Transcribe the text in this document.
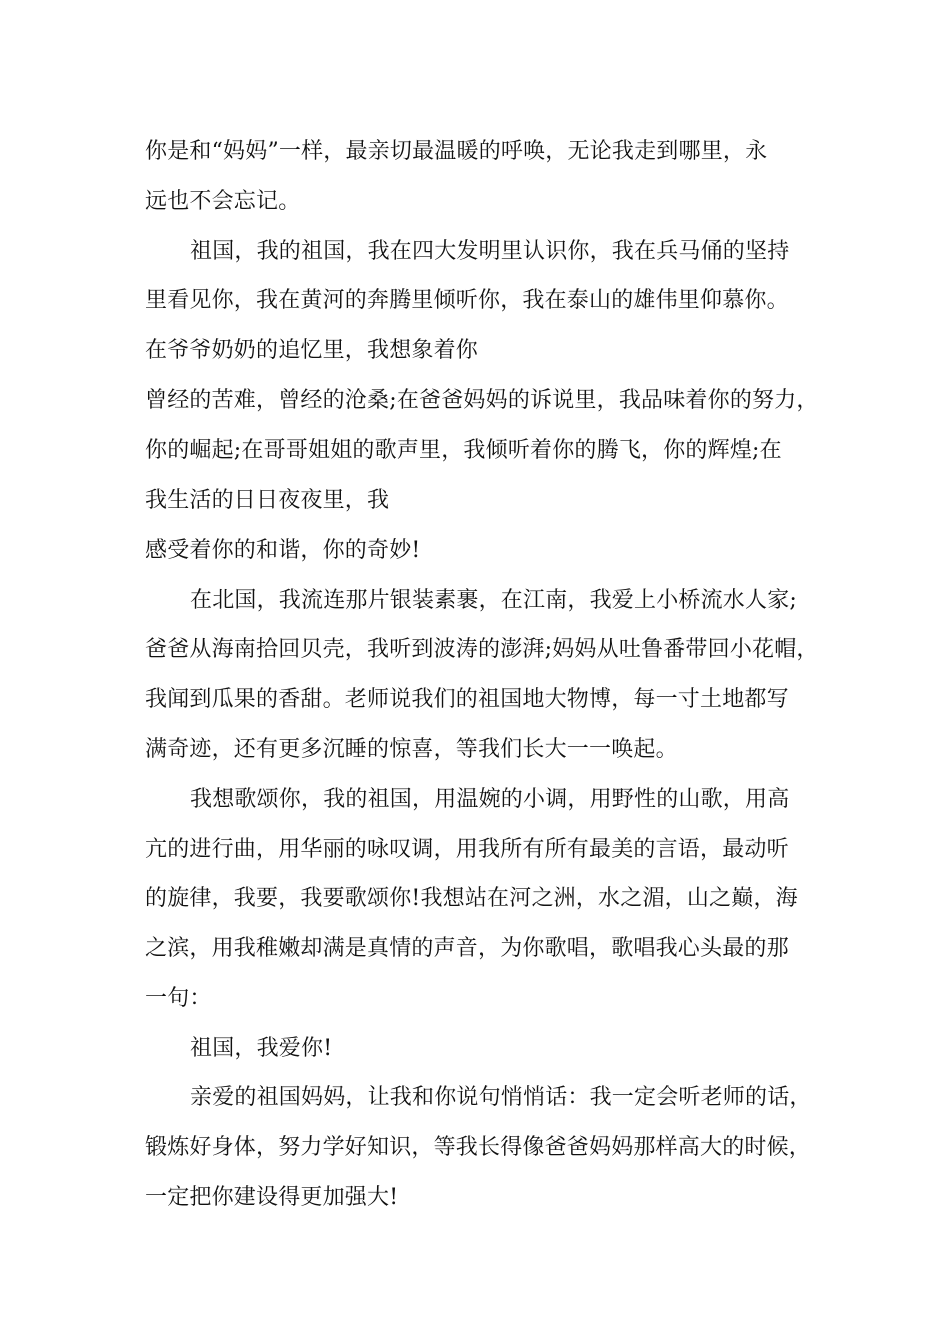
你是和“妈妈”一样，最亲切最温暖的呼唤，无论我走到哪里，永

远也不会忘记。

祖国，我的祖国，我在四大发明里认识你，我在兵马俑的坚持

里看见你，我在黄河的奔腾里倾听你，我在泰山的雄伟里仰慕你。

在爷爷奶奶的追忆里，我想象着你

曾经的苦难，曾经的沧桑;在爸爸妈妈的诉说里，我品味着你的努力，

你的崛起;在哥哥姐姐的歌声里，我倾听着你的腾飞，你的辉煌;在

我生活的日日夜夜里，我

感受着你的和谐，你的奇妙!

在北国，我流连那片银装素裹，在江南，我爱上小桥流水人家;

爸爸从海南拾回贝壳，我听到波涛的澎湃;妈妈从吐鲁番带回小花帽，

我闻到瓜果的香甜。老师说我们的祖国地大物博，每一寸土地都写

满奇迹，还有更多沉睡的惊喜，等我们长大一一唤起。

我想歌颂你，我的祖国，用温婉的小调，用野性的山歌，用高

亢的进行曲，用华丽的咏叹调，用我所有所有最美的言语，最动听

的旋律，我要，我要歌颂你!我想站在河之洲，水之湄，山之巅，海

之滨，用我稚嫩却满是真情的声音，为你歌唱，歌唱我心头最的那

一句：

祖国，我爱你!

亲爱的祖国妈妈，让我和你说句悄悄话：我一定会听老师的话，

锻炼好身体，努力学好知识，等我长得像爸爸妈妈那样高大的时候，

一定把你建设得更加强大!
